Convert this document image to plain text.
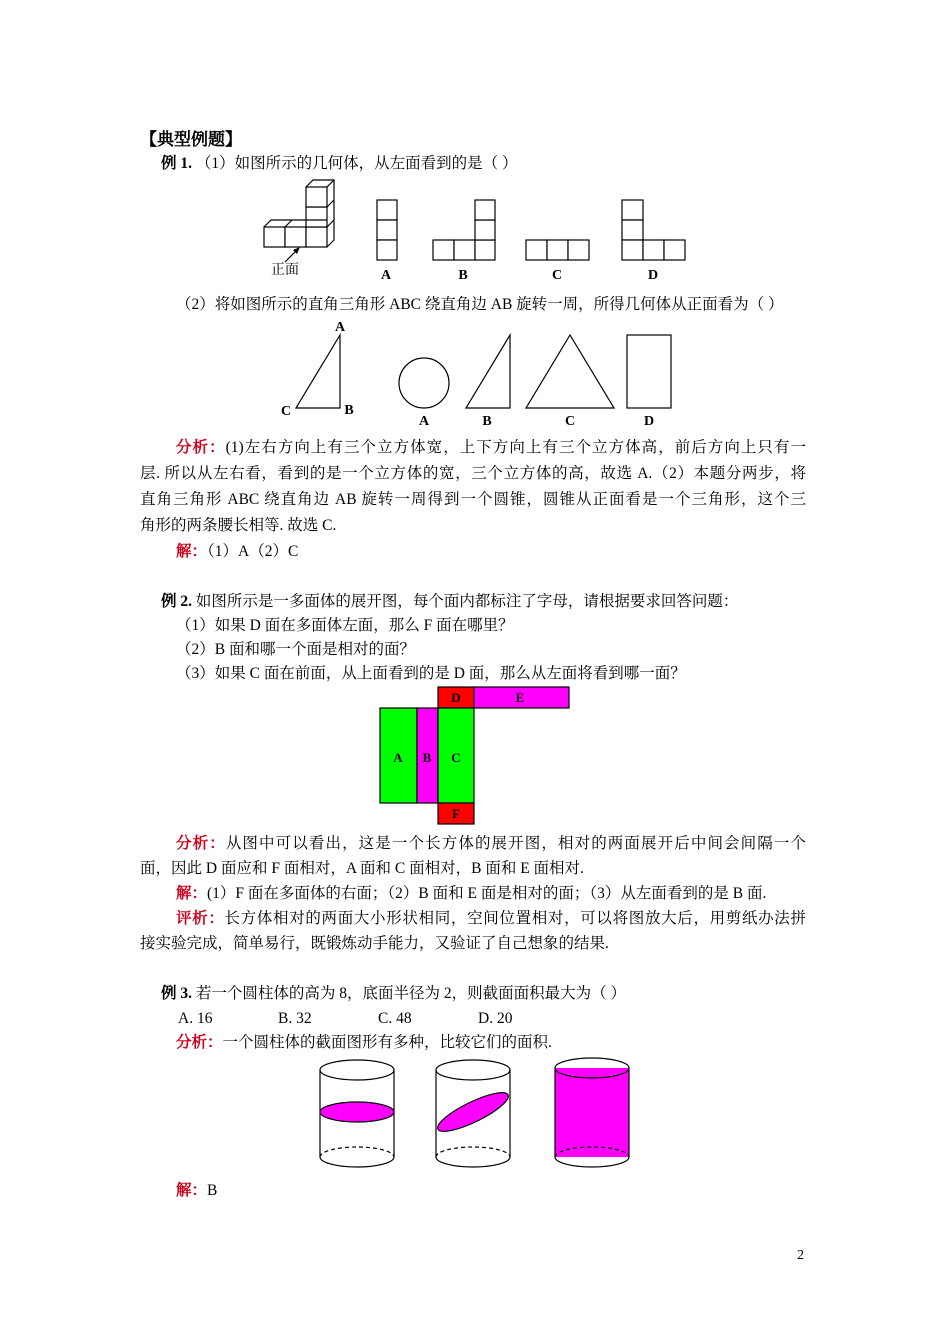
【典型例题】
例 1. （1）如图所示的几何体，从左面看到的是（ ）
正面	A	B	C	D
（2）将如图所示的直角三角形 ABC 绕直角边 AB 旋转一周，所得几何体从正面看为（ ）
A
B
C
A	B	C	D
分析：(1)左右方向上有三个立方体宽，上下方向上有三个立方体高，前后方向上只有一
层. 所以从左右看，看到的是一个立方体的宽，三个立方体的高，故选 A.（2）本题分两步，将
直角三角形 ABC 绕直角边 AB 旋转一周得到一个圆锥，圆锥从正面看是一个三角形，这个三
角形的两条腰长相等. 故选 C.
解：（1）A（2）C
例 2. 如图所示是一多面体的展开图，每个面内都标注了字母，请根据要求回答问题：
（1）如果 D 面在多面体左面，那么 F 面在哪里？
（2）B 面和哪一个面是相对的面？
（3）如果 C 面在前面，从上面看到的是 D 面，那么从左面将看到哪一面？
D	E
A B C
F
分析：从图中可以看出，这是一个长方体的展开图，相对的两面展开后中间会间隔一个
面，因此 D 面应和 F 面相对，A 面和 C 面相对，B 面和 E 面相对.
解：(1）F 面在多面体的右面；（2）B 面和 E 面是相对的面；（3）从左面看到的是 B 面.
评析：长方体相对的两面大小形状相同，空间位置相对，可以将图放大后，用剪纸办法拼
接实验完成，简单易行，既锻炼动手能力，又验证了自己想象的结果.
例 3. 若一个圆柱体的高为 8，底面半径为 2，则截面面积最大为（ ）
A. 16	B. 32	C. 48	D. 20
分析：一个圆柱体的截面图形有多种，比较它们的面积.
解：B
2
